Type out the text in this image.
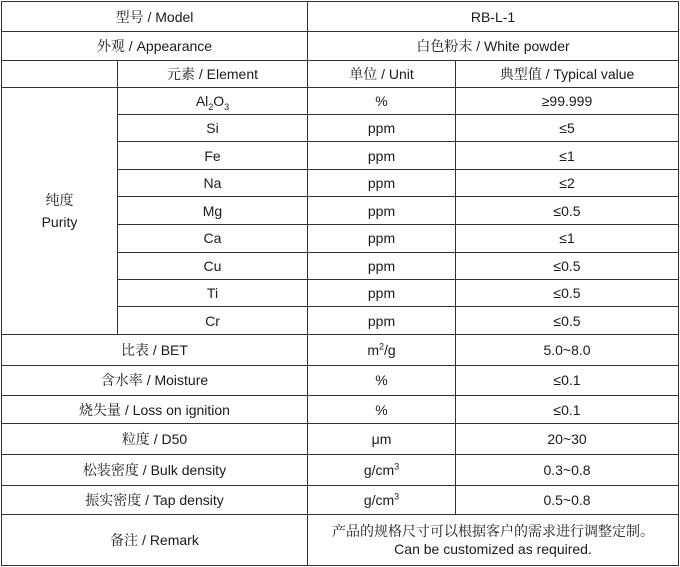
型号 / Model		RB-L-1	
外观 / Appearance		白色粉末 / White powder	
	元素 / Element	单位 / Unit	典型值 / Typical value

纯度
Purity	$Al_2O_3$	%	≥99.999
	Si	ppm	≤5
	Fe	ppm	≤1
	Na	ppm	≤2
	Mg	ppm	≤0.5
	Ca	ppm	≤1
	Cu	ppm	≤0.5
	Ti	ppm	≤0.5
	Cr	ppm	≤0.5
比表 / BET		$m^2/g$	5.0~8.0
含水率 / Moisture		%	≤0.1
烧失量 / Loss on ignition		%	≤0.1
粒度 / D50		μm	20~30
松装密度 / Bulk density		$g/cm^3$	0.3~0.8
振实密度 / Tap density		$g/cm^3$	0.5~0.8
备注 / Remark		产品的规格尺寸可以根据客户的需求进行调整定制。
Can be customized as required.	
